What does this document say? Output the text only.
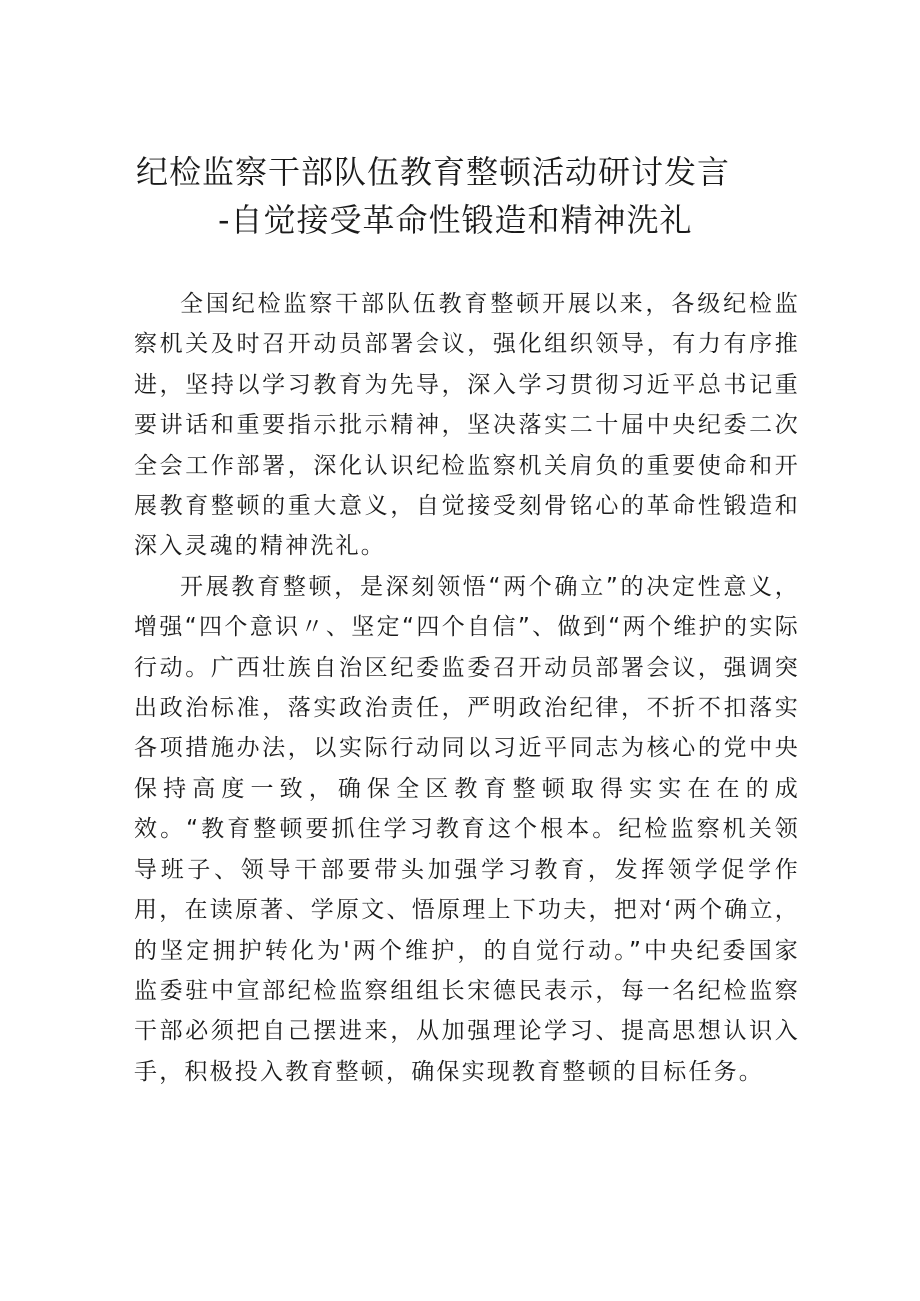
纪检监察干部队伍教育整顿活动研讨发言
-自觉接受革命性锻造和精神洗礼

全国纪检监察干部队伍教育整顿开展以来，各级纪检监察机关及时召开动员部署会议，强化组织领导，有力有序推进，坚持以学习教育为先导，深入学习贯彻习近平总书记重要讲话和重要指示批示精神，坚决落实二十届中央纪委二次全会工作部署，深化认识纪检监察机关肩负的重要使命和开展教育整顿的重大意义，自觉接受刻骨铭心的革命性锻造和深入灵魂的精神洗礼。

开展教育整顿，是深刻领悟“两个确立”的决定性意义，增强“四个意识〃、坚定“四个自信”、做到“两个维护的实际行动。广西壮族自治区纪委监委召开动员部署会议，强调突出政治标准，落实政治责任，严明政治纪律，不折不扣落实各项措施办法，以实际行动同以习近平同志为核心的党中央保持高度一致，确保全区教育整顿取得实实在在的成效。“教育整顿要抓住学习教育这个根本。纪检监察机关领导班子、领导干部要带头加强学习教育，发挥领学促学作用，在读原著、学原文、悟原理上下功夫，把对‘两个确立，的坚定拥护转化为'两个维护，的自觉行动。”中央纪委国家监委驻中宣部纪检监察组组长宋德民表示，每一名纪检监察干部必须把自己摆进来，从加强理论学习、提高思想认识入手，积极投入教育整顿，确保实现教育整顿的目标任务。
